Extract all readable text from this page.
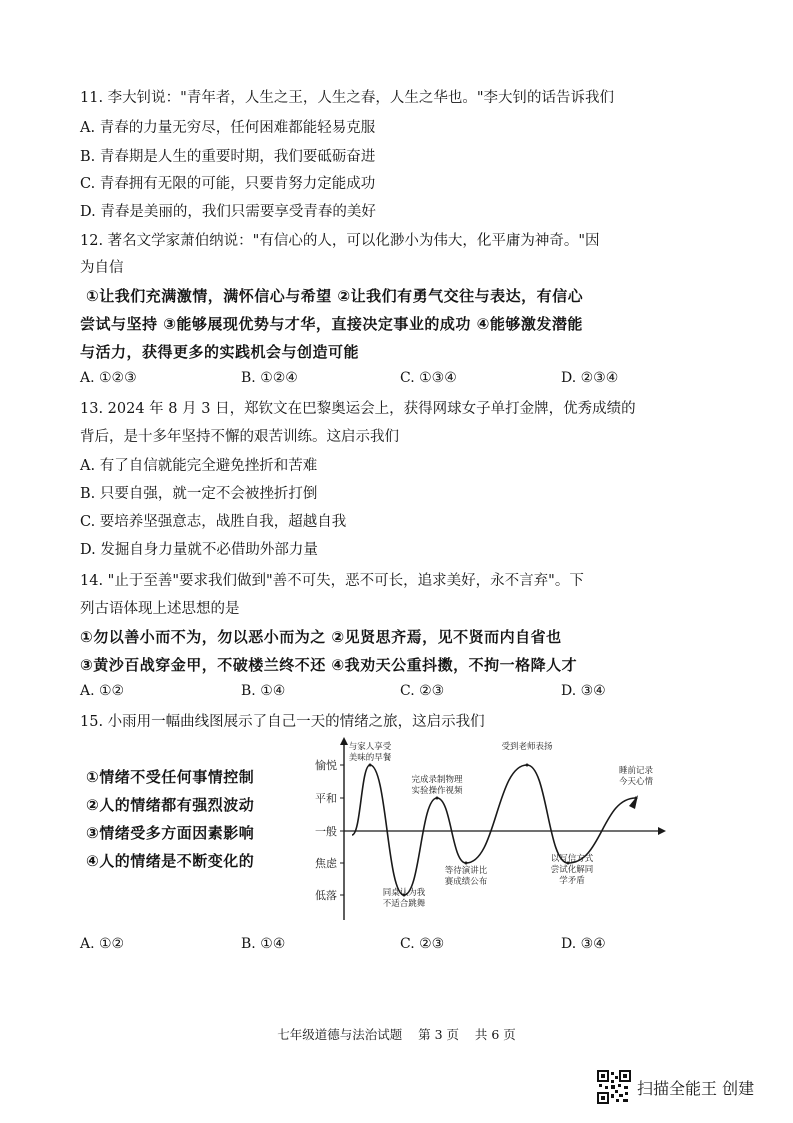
11. 李大钊说："青年者，人生之王，人生之春，人生之华也。"李大钊的话告诉我们
A. 青春的力量无穷尽，任何困难都能轻易克服
B. 青春期是人生的重要时期，我们要砥砺奋进
C. 青春拥有无限的可能，只要肯努力定能成功
D. 青春是美丽的，我们只需要享受青春的美好
12. 著名文学家萧伯纳说："有信心的人，可以化渺小为伟大，化平庸为神奇。"因
为自信
①让我们充满激情，满怀信心与希望 ②让我们有勇气交往与表达，有信心
尝试与坚持 ③能够展现优势与才华，直接决定事业的成功 ④能够激发潜能
与活力，获得更多的实践机会与创造可能
A. ①②③	B. ①②④	C. ①③④	D. ②③④
13. 2024 年 8 月 3 日，郑钦文在巴黎奥运会上，获得网球女子单打金牌，优秀成绩的
背后，是十多年坚持不懈的艰苦训练。这启示我们
A. 有了自信就能完全避免挫折和苦难
B. 只要自强，就一定不会被挫折打倒
C. 要培养坚强意志，战胜自我，超越自我
D. 发掘自身力量就不必借助外部力量
14. "止于至善"要求我们做到"善不可失，恶不可长，追求美好，永不言弃"。下
列古语体现上述思想的是
①勿以善小而不为，勿以恶小而为之 ②见贤思齐焉，见不贤而内自省也
③黄沙百战穿金甲，不破楼兰终不还 ④我劝天公重抖擞，不拘一格降人才
A. ①②	B. ①④	C. ②③	D. ③④
15. 小雨用一幅曲线图展示了自己一天的情绪之旅，这启示我们
①情绪不受任何事情控制
②人的情绪都有强烈波动
③情绪受多方面因素影响
④人的情绪是不断变化的
低落
焦虑
一般
平和
愉悦
与家人享受
美味的早餐
同桌认为我
不适合跳舞
完成录制物理
实验操作视频
等待演讲比
赛成绩公布
受到老师表扬
以写信方式
尝试化解同
学矛盾
睡前记录
今天心情
A. ①②	B. ①④	C. ②③	D. ③④
七年级道德与法治试题    第 3 页    共 6 页
扫描全能王 创建
